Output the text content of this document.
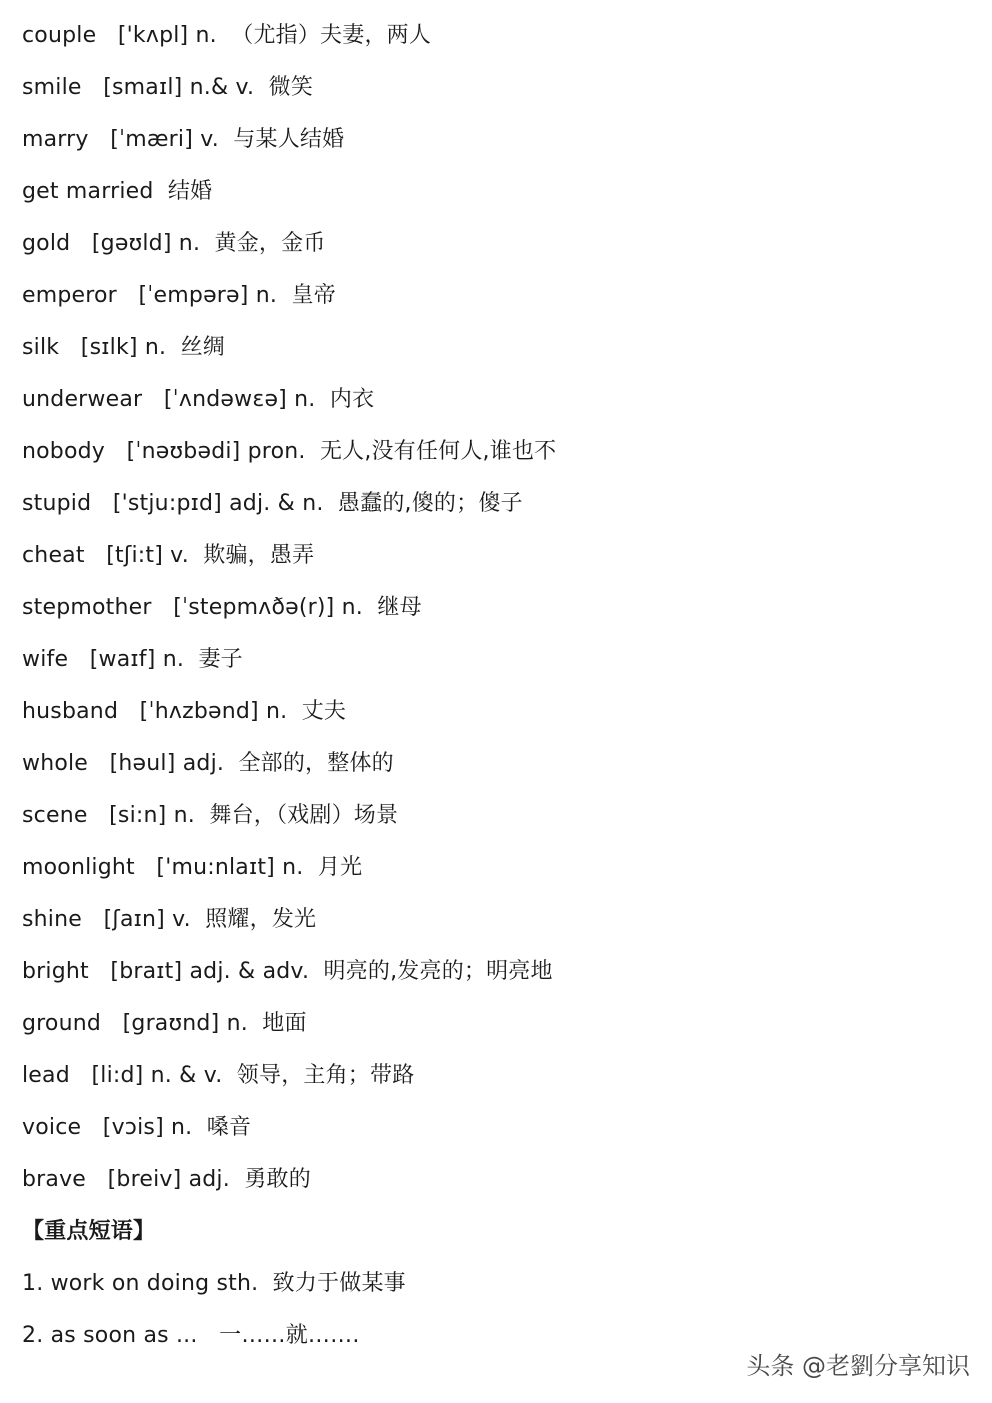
couple   ['kʌpl] n.  （尤指）夫妻，两人
smile   [smaɪl] n.& v.  微笑
marry   [ˈmæri] v.  与某人结婚
get married  结婚
gold   [gəʊld] n.  黄金，金币
emperor   [ˈempərə] n.  皇帝
silk   [sɪlk] n.  丝绸
underwear   [ˈʌndəwɛə] n.  内衣
nobody   [ˈnəʊbədi] pron.  无人,没有任何人,谁也不
stupid   ['stju:pɪd] adj. & n.  愚蠢的,傻的；傻子
cheat   [tʃi:t] v.  欺骗，愚弄
stepmother   [ˈstepmʌðə(r)] n.  继母
wife   [waɪf] n.  妻子
husband   [ˈhʌzbənd] n.  丈夫
whole   [həul] adj.  全部的，整体的
scene   [si:n] n.  舞台，（戏剧）场景
moonlight   ['mu:nlaɪt] n.  月光
shine   [ʃaɪn] v.  照耀，发光
bright   [braɪt] adj. & adv.  明亮的,发亮的；明亮地
ground   [graʊnd] n.  地面
lead   [li:d] n. & v.  领导，主角；带路
voice   [vɔis] n.  嗓音
brave   [breiv] adj.  勇敢的
【重点短语】
1. work on doing sth.  致力于做某事
2. as soon as ...   一……就…….
头条 @老劉分享知识
